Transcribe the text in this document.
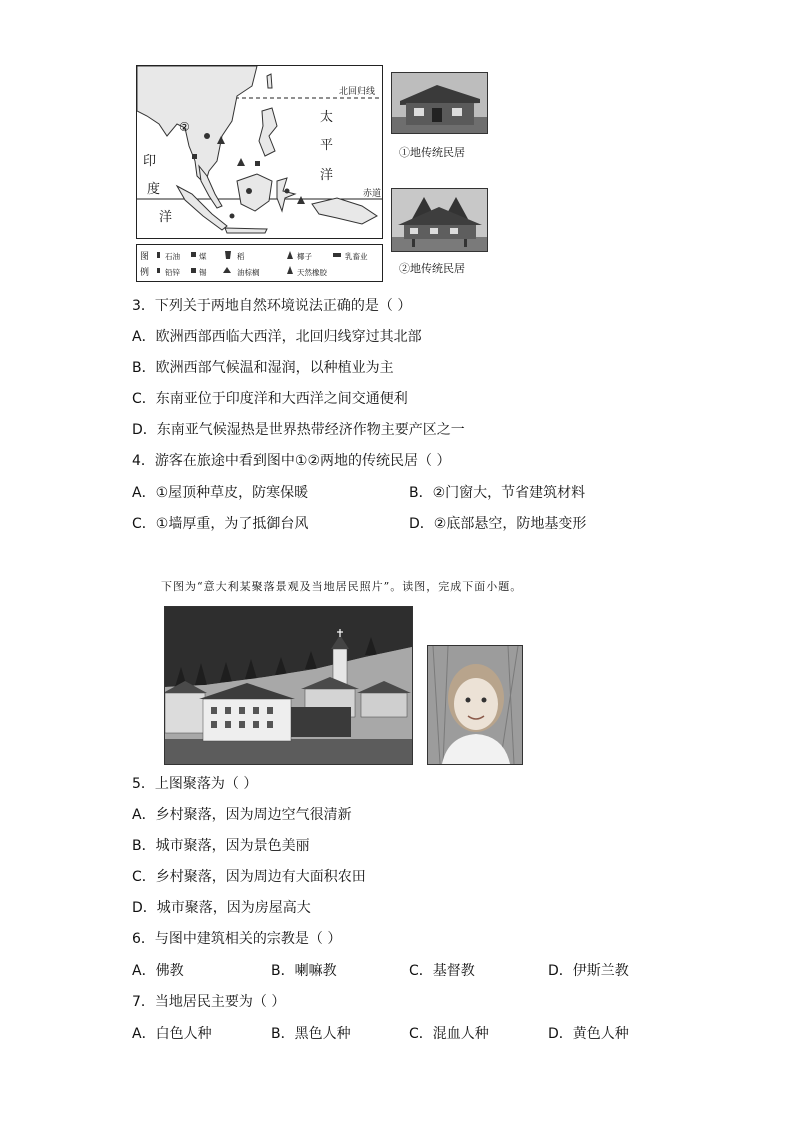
北回归线
赤道
②
太
平
洋
印
度
洋
图
例
石油	煤	稻	椰子	乳畜业
铅锌	锡	油棕榈	天然橡胶
①地传统民居
②地传统民居
3．下列关于两地自然环境说法正确的是（ ）
A．欧洲西部西临大西洋，北回归线穿过其北部
B．欧洲西部气候温和湿润，以种植业为主
C．东南亚位于印度洋和大西洋之间交通便利
D．东南亚气候湿热是世界热带经济作物主要产区之一
4．游客在旅途中看到图中①②两地的传统民居（ ）
A．①屋顶种草皮，防寒保暖	B．②门窗大，节省建筑材料
C．①墙厚重，为了抵御台风	D．②底部悬空，防地基变形
下图为“意大利某聚落景观及当地居民照片”。读图，完成下面小题。
5．上图聚落为（ ）
A．乡村聚落，因为周边空气很清新
B．城市聚落，因为景色美丽
C．乡村聚落，因为周边有大面积农田
D．城市聚落，因为房屋高大
6．与图中建筑相关的宗教是（ ）
A．佛教	B．喇嘛教	C．基督教	D．伊斯兰教
7．当地居民主要为（ ）
A．白色人种	B．黑色人种	C．混血人种	D．黄色人种
